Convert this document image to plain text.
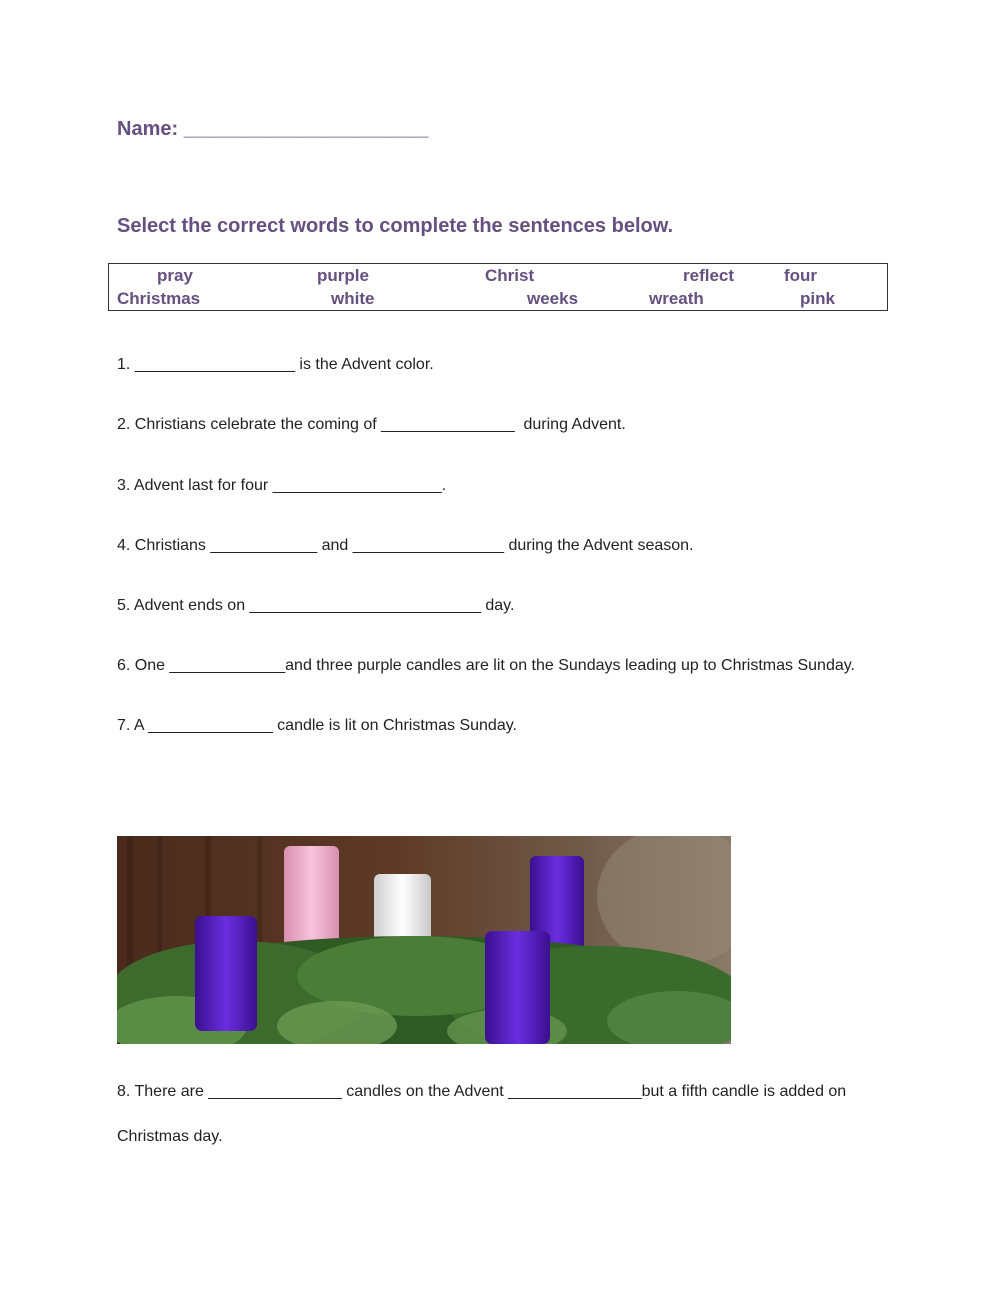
Name: ______________________
Select the correct words to complete the sentences below.
pray	purple	Christ	reflect	four
Christmas	white	weeks	wreath	pink
1. __________________ is the Advent color.
2. Christians celebrate the coming of _______________  during Advent.
3. Advent last for four ___________________.
4. Christians ____________ and _________________ during the Advent season.
5. Advent ends on __________________________ day.
6. One _____________and three purple candles are lit on the Sundays leading up to Christmas Sunday.
7. A ______________ candle is lit on Christmas Sunday.
8. There are _______________ candles on the Advent _______________but a fifth candle is added on
Christmas day.
